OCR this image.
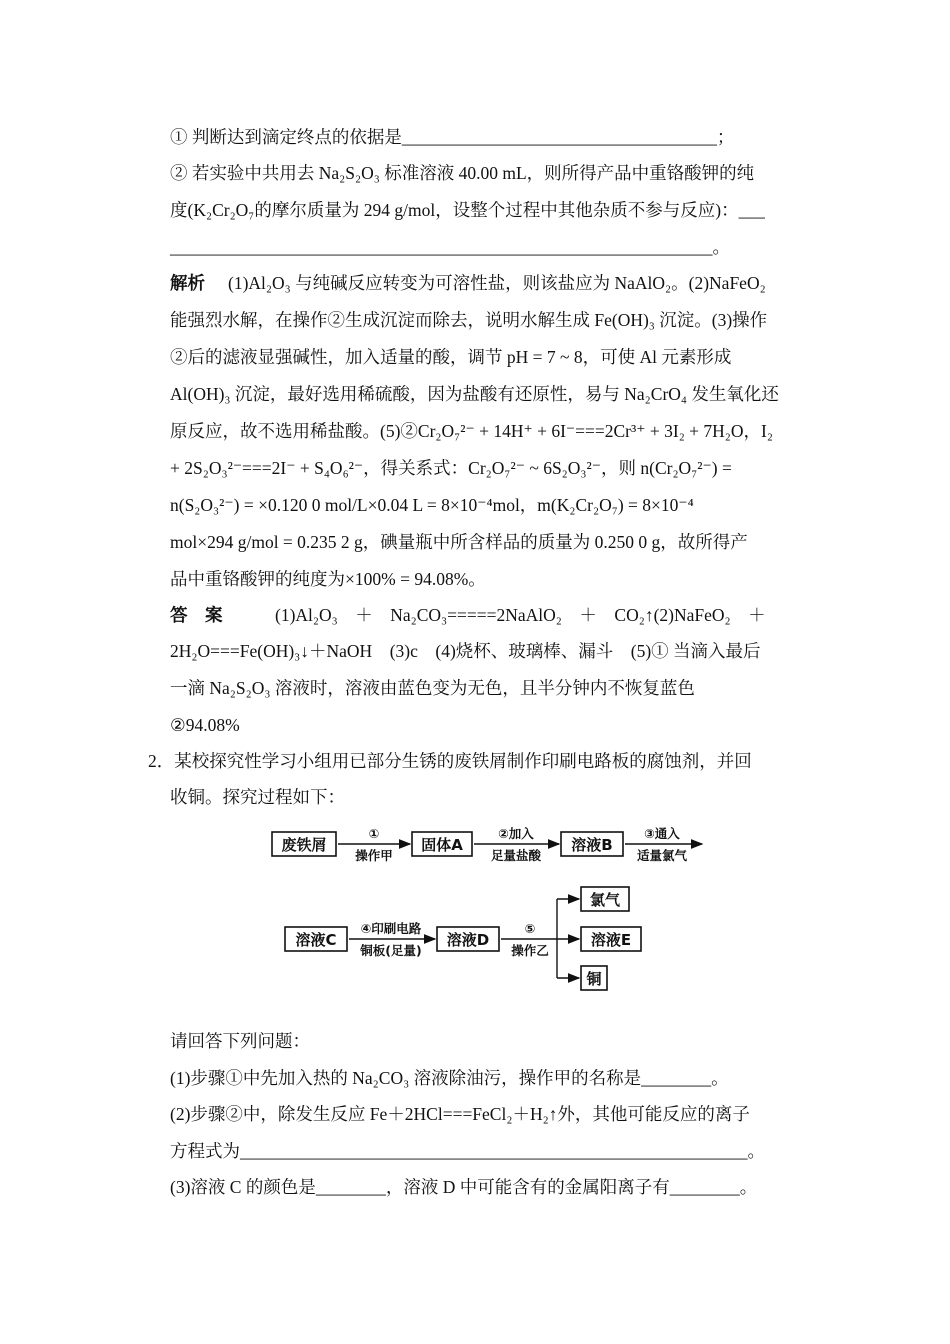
① 判断达到滴定终点的依据是____________________________________；
② 若实验中共用去 Na₂S₂O₃ 标准溶液 40.00 mL，则所得产品中重铬酸钾的纯
度(K₂Cr₂O₇的摩尔质量为 294 g/mol，设整个过程中其他杂质不参与反应)：___
______________________________________________________________。
解析 (1)Al₂O₃ 与纯碱反应转变为可溶性盐，则该盐应为 NaAlO₂。(2)NaFeO₂
能强烈水解，在操作②生成沉淀而除去，说明水解生成 Fe(OH)₃ 沉淀。(3)操作
②后的滤液显强碱性，加入适量的酸，调节 pH = 7 ~ 8，可使 Al 元素形成
Al(OH)₃ 沉淀，最好选用稀硫酸，因为盐酸有还原性，易与 Na₂CrO₄ 发生氧化还
原反应，故不选用稀盐酸。(5)②Cr₂O₇²⁻ + 14H⁺ + 6I⁻===2Cr³⁺ + 3I₂ + 7H₂O，I₂
+ 2S₂O₃²⁻===2I⁻ + S₄O₆²⁻，得关系式：Cr₂O₇²⁻ ~ 6S₂O₃²⁻，则 n(Cr₂O₇²⁻) =
n(S₂O₃²⁻) = ×0.120 0 mol/L×0.04 L = 8×10⁻⁴mol，m(K₂Cr₂O₇) = 8×10⁻⁴
mol×294 g/mol = 0.235 2 g，碘量瓶中所含样品的质量为 0.250 0 g，故所得产
品中重铬酸钾的纯度为×100% = 94.08%。
答　案	(1)Al₂O₃　＋　Na₂CO₃=====2NaAlO₂　＋　CO₂↑(2)NaFeO₂　＋
2H₂O===Fe(OH)₃↓＋NaOH　(3)c　(4)烧杯、玻璃棒、漏斗　(5)① 当滴入最后
一滴 Na₂S₂O₃ 溶液时，溶液由蓝色变为无色，且半分钟内不恢复蓝色
②94.08%
2．某校探究性学习小组用已部分生锈的废铁屑制作印刷电路板的腐蚀剂，并回
收铜。探究过程如下：
废铁屑
①
操作甲
固体A
②加入
足量盐酸
溶液B
③通入
适量氯气
溶液C
④印刷电路
铜板(足量)
溶液D
⑤
操作乙
氯气
溶液E
铜
请回答下列问题：
(1)步骤①中先加入热的 Na₂CO₃ 溶液除油污，操作甲的名称是________。
(2)步骤②中，除发生反应 Fe＋2HCl===FeCl₂＋H₂↑外，其他可能反应的离子
方程式为__________________________________________________________。
(3)溶液 C 的颜色是________，溶液 D 中可能含有的金属阳离子有________。
